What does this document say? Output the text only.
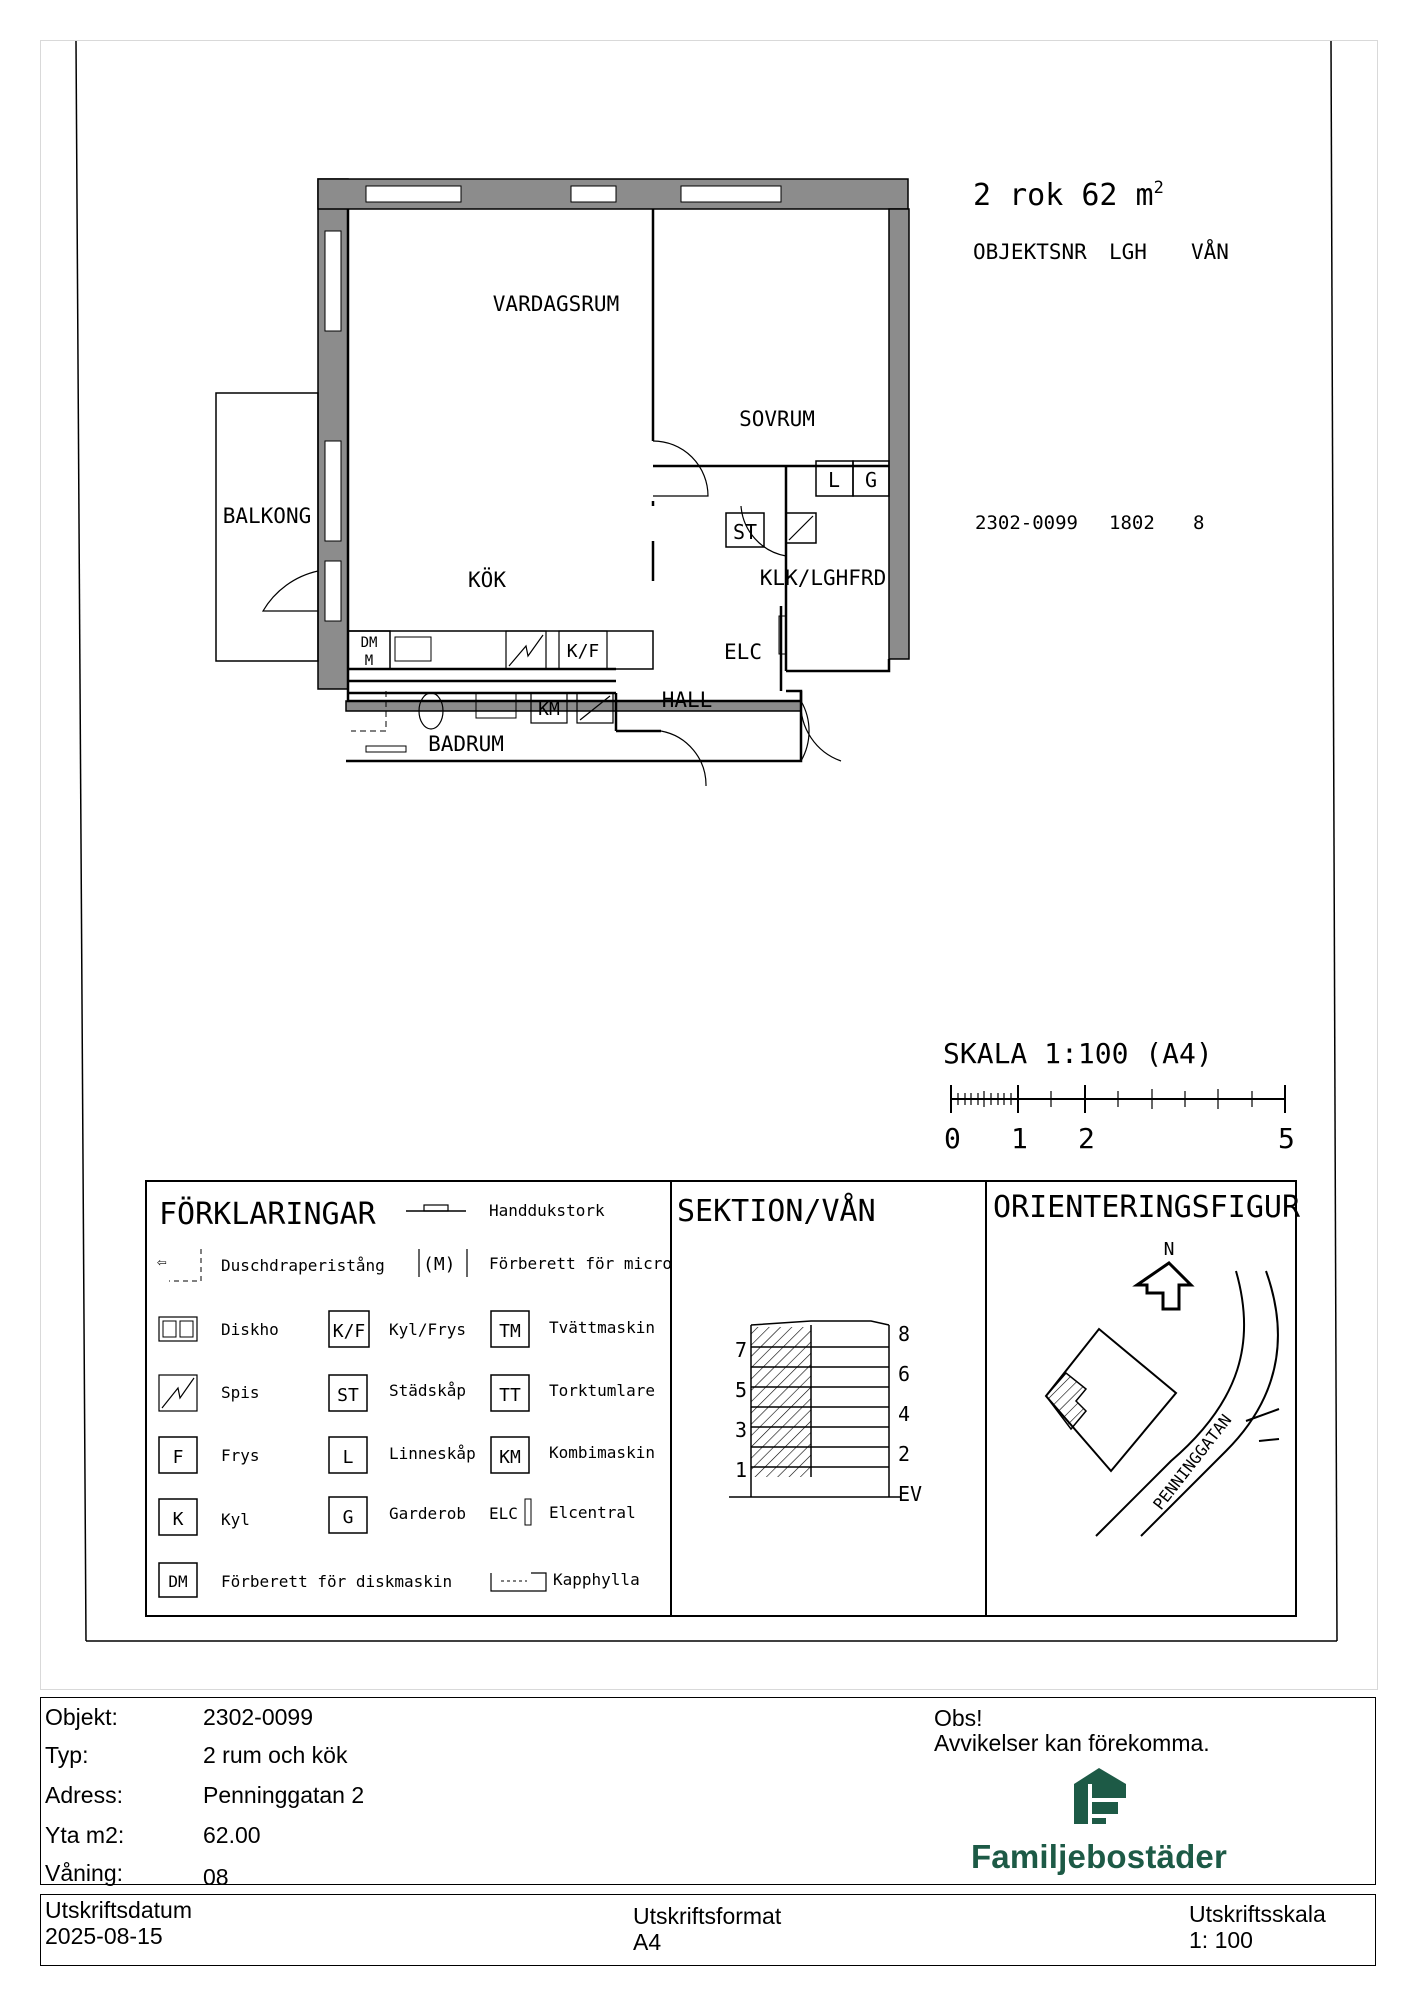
L G
ST
DM
M	K/F
KM
VARDAGSRUM
SOVRUM
BALKONG
KÖK	KLK/LGHFRD
HALL
BADRUM
ELC
2 rok 62 $m^2$
OBJEKTSNR LGH VÅN
2302-0099 1802 8
SKALA 1:100 (A4)
0 1 2	5
FÖRKLARINGAR	Handdukstork
⇦	Duschdraperistång (M) Förberett för micro
Diskho	K/F Kyl/Frys TM Tvättmaskin
Spis	ST Städskåp TT Torktumlare
F Frys	L Linneskåp KM Kombimaskin
K Kyl	G Garderob ELC Elcentral
DM Förberett för diskmaskin	Kapphylla
SEKTION/VÅN
7
5
3
1
8
6
4
2
EV
ORIENTERINGSFIGUR
N
PENNINGGATAN
Objekt:	2302-0099
Typ:	2 rum och kök
Adress:	Penninggatan 2
Yta m2:	62.00
Våning:	08
Obs!
Avvikelser kan förekomma.
Familjebostäder
Utskriftsdatum
2025-08-15
Utskriftsformat
A4
Utskriftsskala
1: 100
